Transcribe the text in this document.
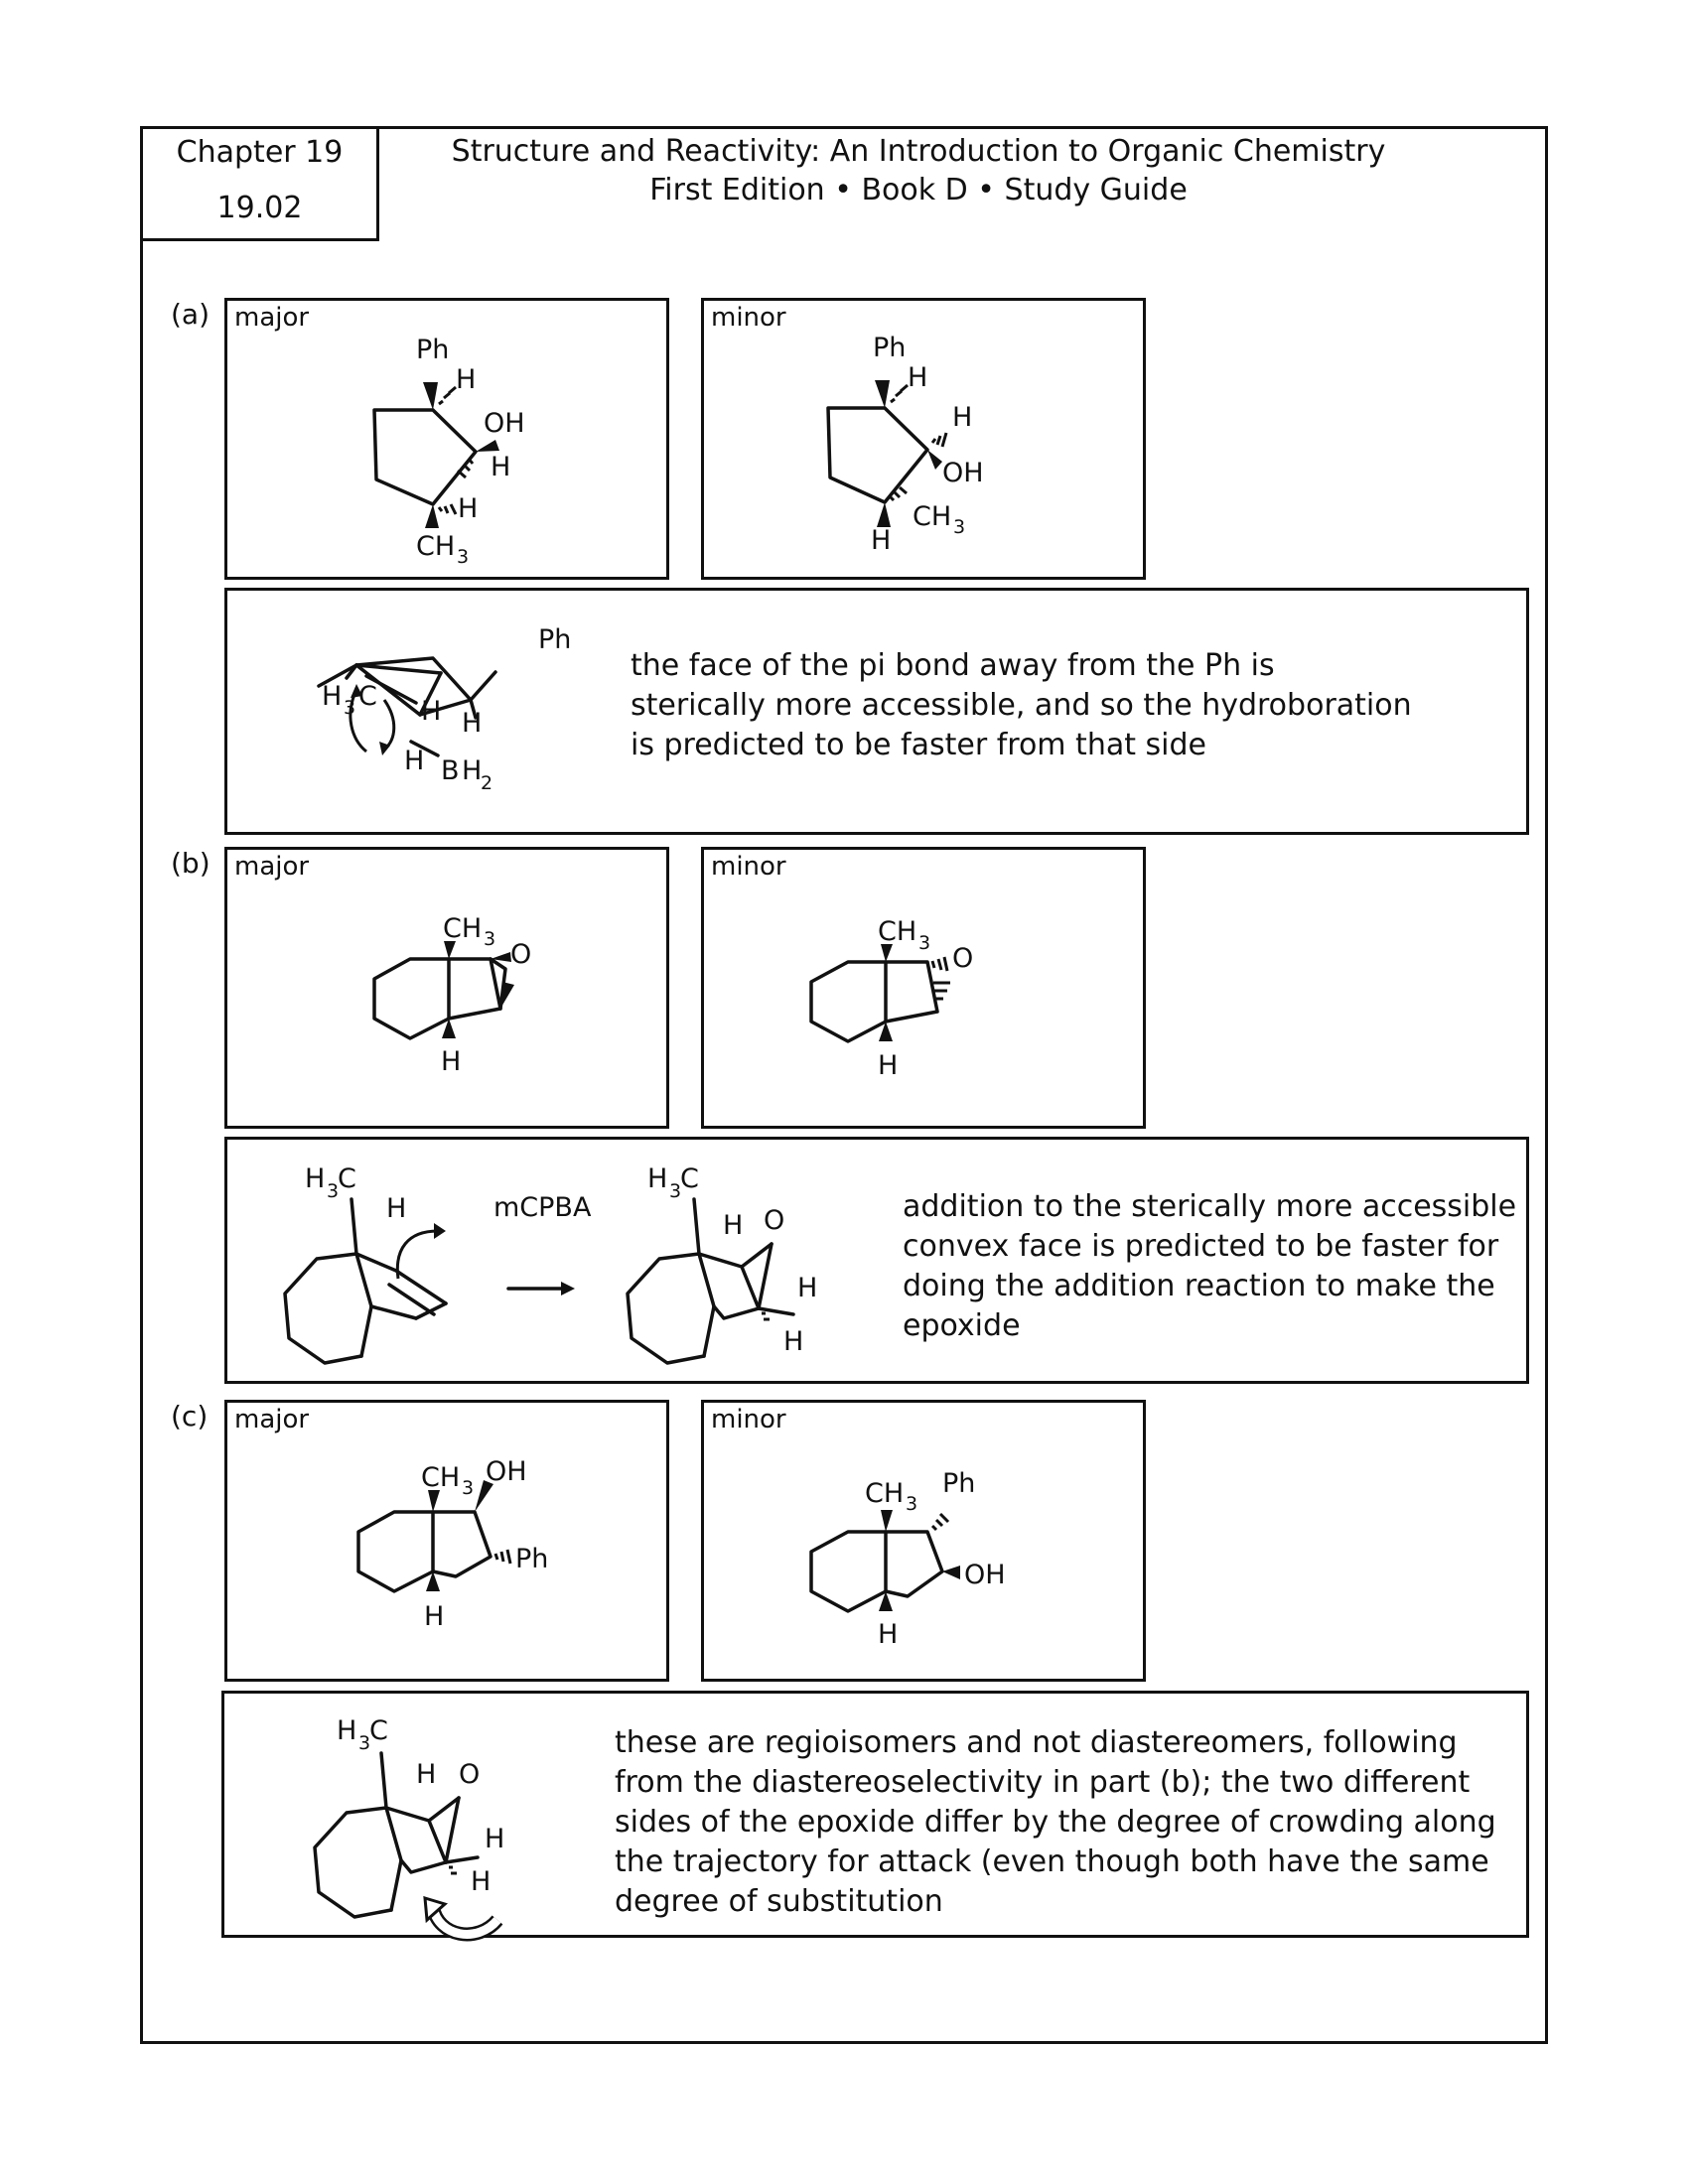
Chapter 19
19.02
Structure and Reactivity: An Introduction to Organic Chemistry
First Edition • Book D • Study Guide
(a) major
Ph
H
OH
H
H
CH 3
minor
Ph
H
H
OH
CH 3
H
Ph
H 3 C H H
H B H
2
the face of the pi bond away from the Ph is
sterically more accessible, and so the hydroboration
is predicted to be faster from that side
(b) major
CH 3 O
H
minor
CH 3 O
H
H 3
C
H	mCPBA
H 3
C
H O
H
H
addition to the sterically more accessible
convex face is predicted to be faster for
doing the addition reaction to make the
epoxide
(c) major
CH 3
OH
Ph
H
minor
CH 3
Ph
OH
H
H 3
C
H O
H
H
these are regioisomers and not diastereomers, following
from the diastereoselectivity in part (b); the two different
sides of the epoxide differ by the degree of crowding along
the trajectory for attack (even though both have the same
degree of substitution
